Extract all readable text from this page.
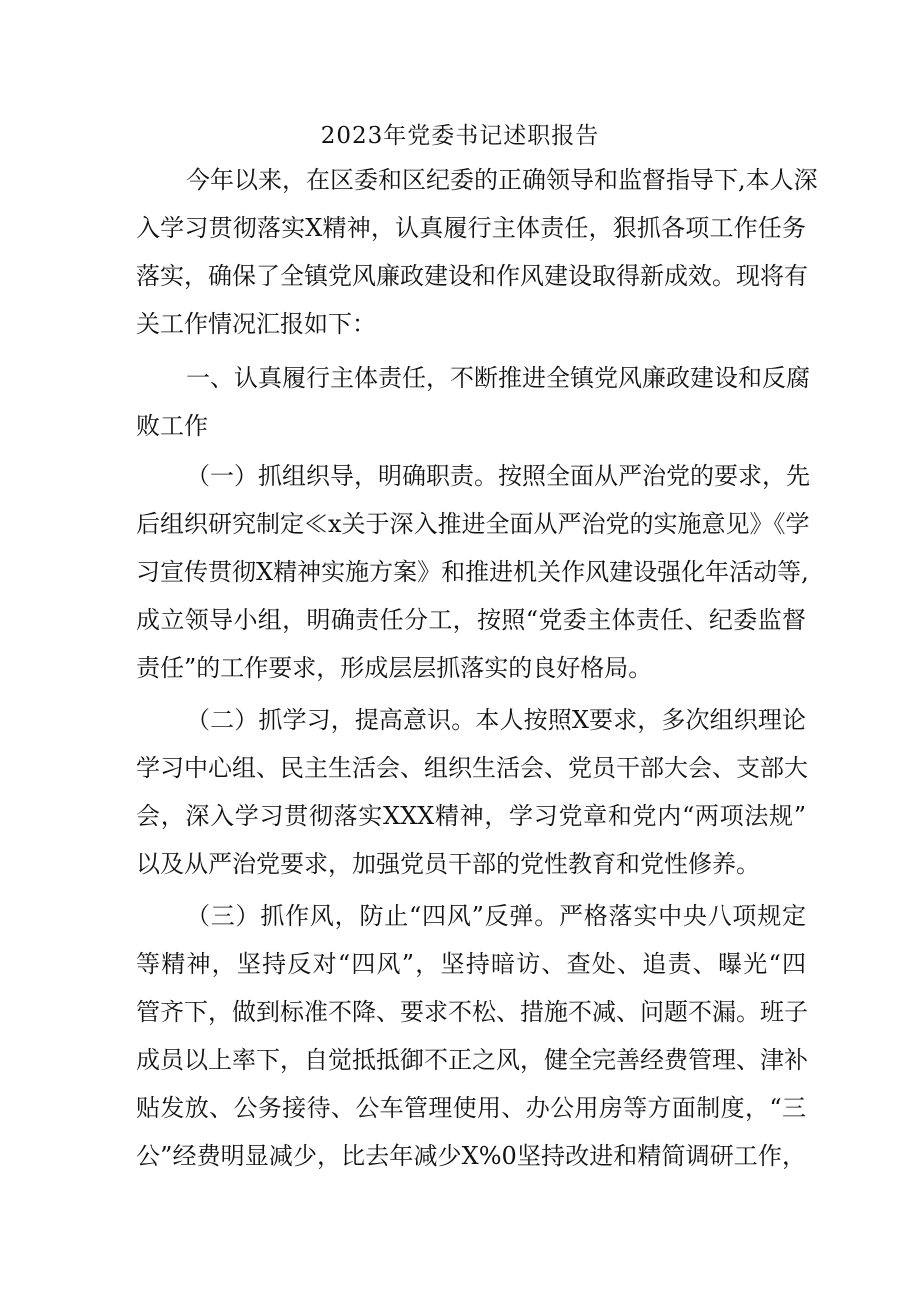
2023年党委书记述职报告
今年以来，在区委和区纪委的正确领导和监督指导下,本人深
入学习贯彻落实X精神，认真履行主体责任，狠抓各项工作任务
落实，确保了全镇党风廉政建设和作风建设取得新成效。现将有
关工作情况汇报如下：
一、认真履行主体责任，不断推进全镇党风廉政建设和反腐
败工作
（一）抓组织导，明确职责。按照全面从严治党的要求，先
后组织研究制定≪x关于深入推进全面从严治党的实施意见》《学
习宣传贯彻X精神实施方案》和推进机关作风建设强化年活动等,
成立领导小组，明确责任分工，按照“党委主体责任、纪委监督
责任”的工作要求，形成层层抓落实的良好格局。
（二）抓学习，提高意识。本人按照X要求，多次组织理论
学习中心组、民主生活会、组织生活会、党员干部大会、支部大
会，深入学习贯彻落实XXX精神，学习党章和党内“两项法规”
以及从严治党要求，加强党员干部的党性教育和党性修养。
（三）抓作风，防止“四风”反弹。严格落实中央八项规定
等精神，坚持反对“四风”，坚持暗访、查处、追责、曝光“四
管齐下，做到标准不降、要求不松、措施不减、问题不漏。班子
成员以上率下，自觉抵抵御不正之风，健全完善经费管理、津补
贴发放、公务接待、公车管理使用、办公用房等方面制度，“三
公”经费明显减少，比去年减少X%0坚持改进和精简调研工作，
